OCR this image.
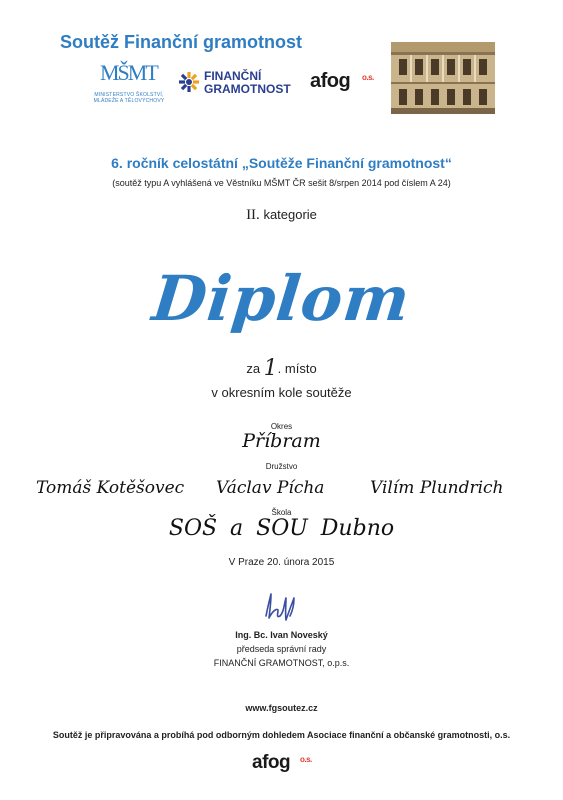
Soutěž Finanční gramotnost
MŠMT
MINISTERSTVO ŠKOLSTVÍ,
MLÁDEŽE A TĚLOVÝCHOVY
FINANČNÍ
GRAMOTNOST afog o.s.
6. ročník celostátní „Soutěže Finanční gramotnost“
(soutěž typu A vyhlášená ve Věstníku MŠMT ČR sešit 8/srpen 2014 pod číslem A 24)
II. kategorie
Diplom
za 1. místo
v okresním kole soutěže
Okres
Příbram
Družstvo
Tomáš Kotěšovec Václav Pícha	Vilím Plundrich
Škola
SOŠ a SOU Dubno
V Praze 20. února 2015
Ing. Bc. Ivan Noveský
předseda správní rady
FINANČNÍ GRAMOTNOST, o.p.s.
www.fgsoutez.cz
Soutěž je připravována a probíhá pod odborným dohledem Asociace finanční a občanské gramotnosti, o.s.
afog o.s.
